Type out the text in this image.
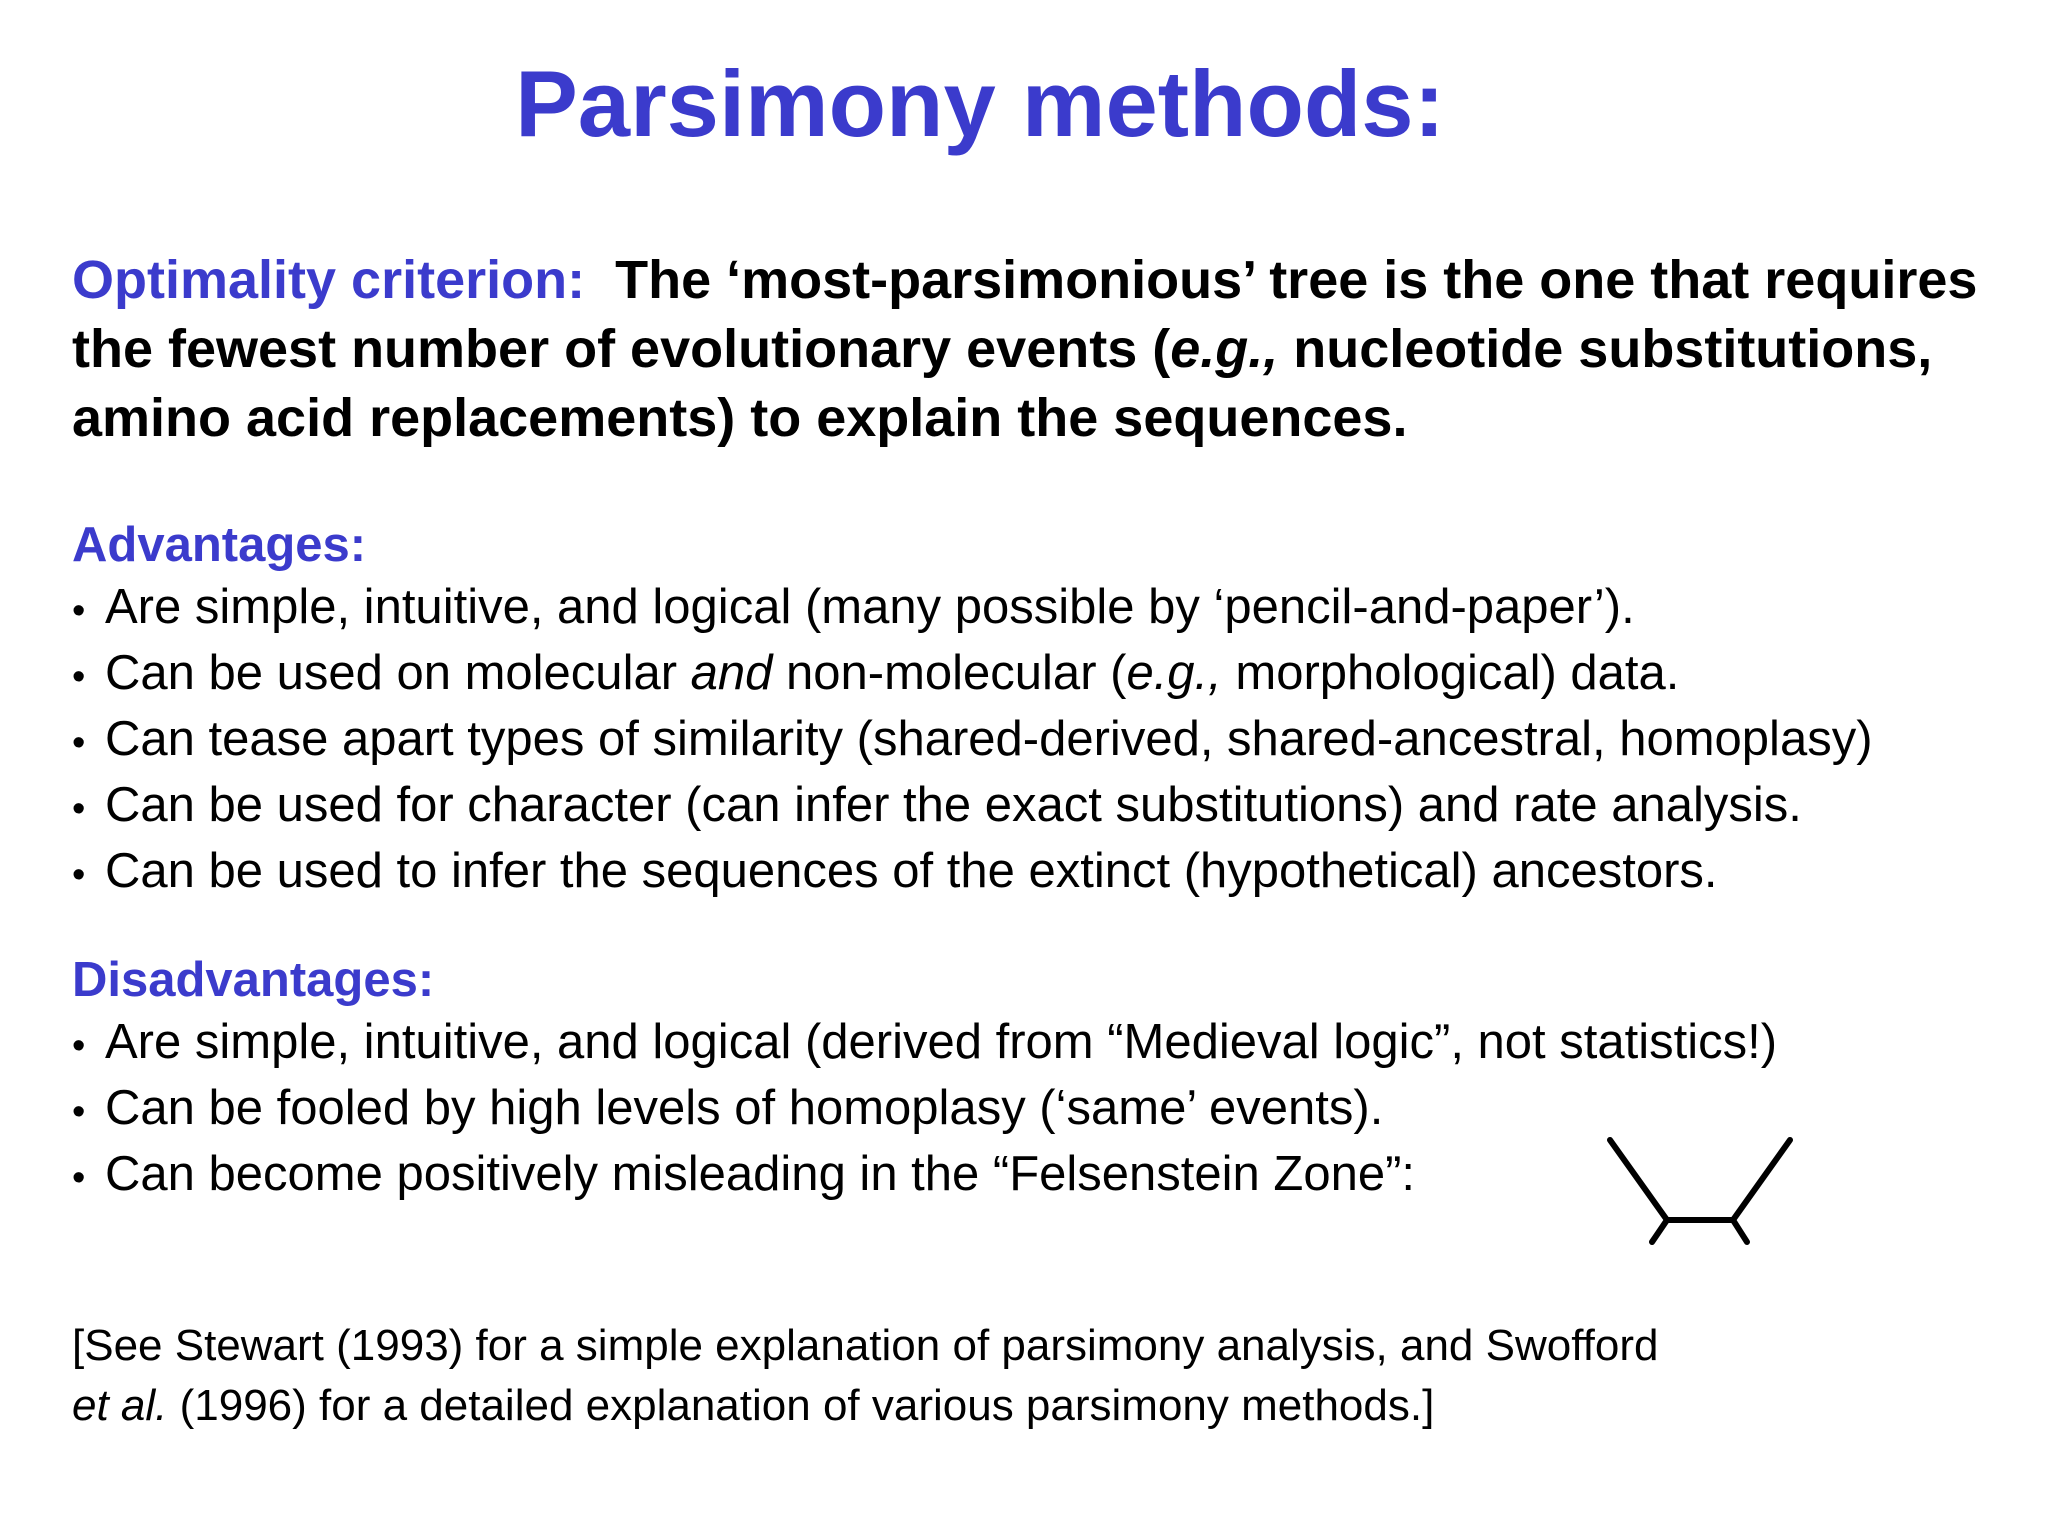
Parsimony methods:

Optimality criterion: The ‘most-parsimonious’ tree is the one that requires the fewest number of evolutionary events (e.g., nucleotide substitutions, amino acid replacements) to explain the sequences.

Advantages:
• Are simple, intuitive, and logical (many possible by ‘pencil-and-paper’).
• Can be used on molecular and non-molecular (e.g., morphological) data.
• Can tease apart types of similarity (shared-derived, shared-ancestral, homoplasy)
• Can be used for character (can infer the exact substitutions) and rate analysis.
• Can be used to infer the sequences of the extinct (hypothetical) ancestors.
Disadvantages:
• Are simple, intuitive, and logical (derived from “Medieval logic”, not statistics!)
• Can be fooled by high levels of homoplasy (‘same’ events).
• Can become positively misleading in the “Felsenstein Zone”:

[See Stewart (1993) for a simple explanation of parsimony analysis, and Swofford
et al. (1996) for a detailed explanation of various parsimony methods.]
